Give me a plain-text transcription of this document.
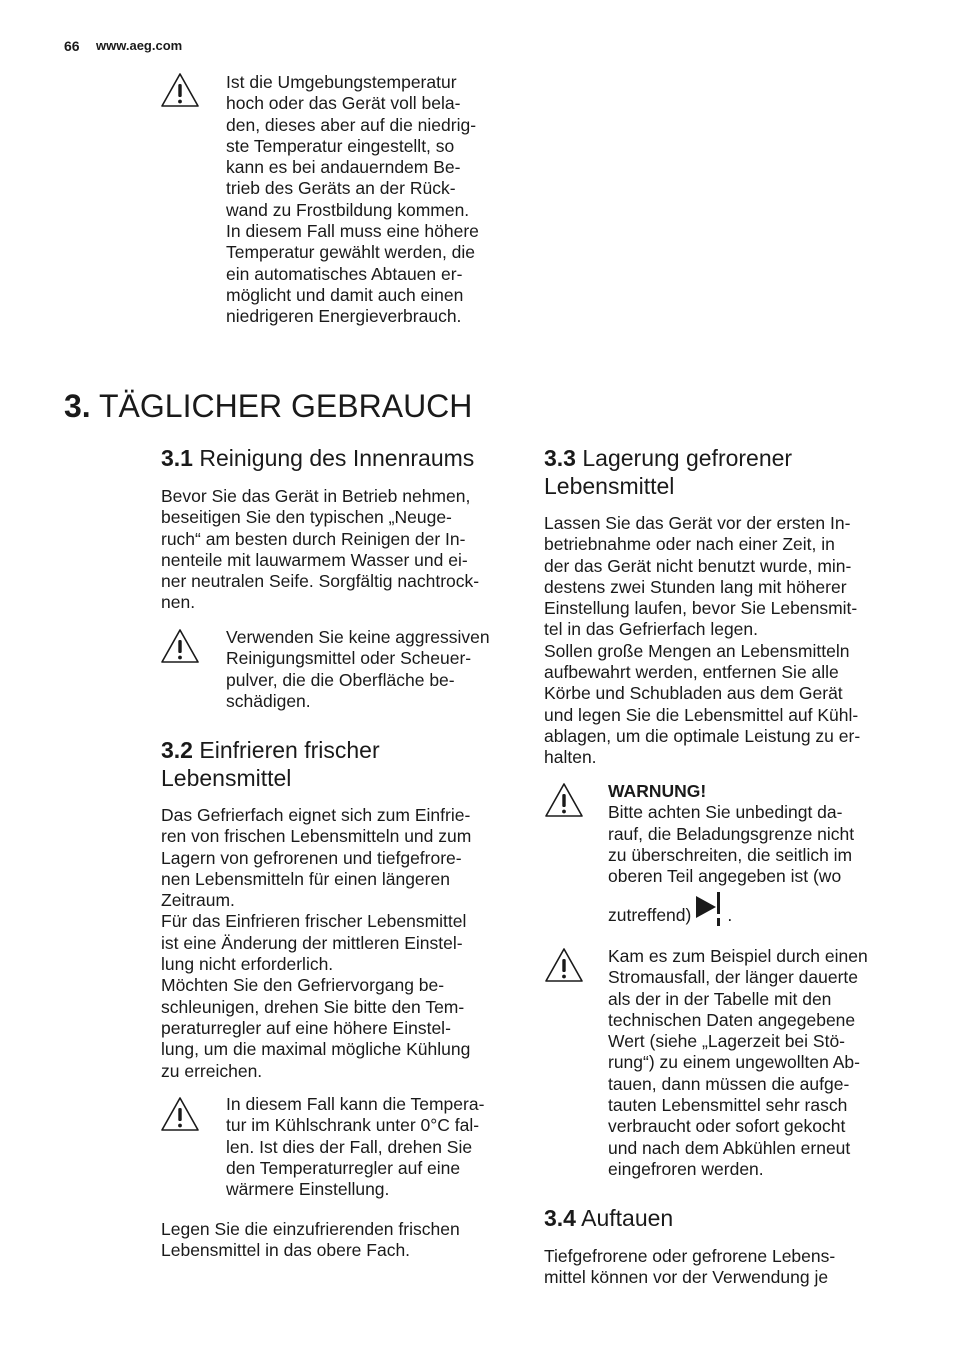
66 www.aeg.com
Ist die Umgebungstemperatur
hoch oder das Gerät voll bela-
den, dieses aber auf die niedrig-
ste Temperatur eingestellt, so
kann es bei andauerndem Be-
trieb des Geräts an der Rück-
wand zu Frostbildung kommen.
In diesem Fall muss eine höhere
Temperatur gewählt werden, die
ein automatisches Abtauen er-
möglicht und damit auch einen
niedrigeren Energieverbrauch.
3. TÄGLICHER GEBRAUCH
3.1 Reinigung des Innenraums
Bevor Sie das Gerät in Betrieb nehmen,
beseitigen Sie den typischen „Neuge-
ruch“ am besten durch Reinigen der In-
nenteile mit lauwarmem Wasser und ei-
ner neutralen Seife. Sorgfältig nachtrock-
nen.
Verwenden Sie keine aggressiven
Reinigungsmittel oder Scheuer-
pulver, die die Oberfläche be-
schädigen.
3.2 Einfrieren frischer
Lebensmittel
Das Gefrierfach eignet sich zum Einfrie-
ren von frischen Lebensmitteln und zum
Lagern von gefrorenen und tiefgefrore-
nen Lebensmitteln für einen längeren
Zeitraum.
Für das Einfrieren frischer Lebensmittel
ist eine Änderung der mittleren Einstel-
lung nicht erforderlich.
Möchten Sie den Gefriervorgang be-
schleunigen, drehen Sie bitte den Tem-
peraturregler auf eine höhere Einstel-
lung, um die maximal mögliche Kühlung
zu erreichen.
In diesem Fall kann die Tempera-
tur im Kühlschrank unter 0°C fal-
len. Ist dies der Fall, drehen Sie
den Temperaturregler auf eine
wärmere Einstellung.
Legen Sie die einzufrierenden frischen
Lebensmittel in das obere Fach.
3.3 Lagerung gefrorener
Lebensmittel
Lassen Sie das Gerät vor der ersten In-
betriebnahme oder nach einer Zeit, in
der das Gerät nicht benutzt wurde, min-
destens zwei Stunden lang mit höherer
Einstellung laufen, bevor Sie Lebensmit-
tel in das Gefrierfach legen.
Sollen große Mengen an Lebensmitteln
aufbewahrt werden, entfernen Sie alle
Körbe und Schubladen aus dem Gerät
und legen Sie die Lebensmittel auf Kühl-
ablagen, um die optimale Leistung zu er-
halten.
WARNUNG!
Bitte achten Sie unbedingt da-
rauf, die Beladungsgrenze nicht
zu überschreiten, die seitlich im
oberen Teil angegeben ist (wo
zutreffend) .
Kam es zum Beispiel durch einen
Stromausfall, der länger dauerte
als der in der Tabelle mit den
technischen Daten angegebene
Wert (siehe „Lagerzeit bei Stö-
rung“) zu einem ungewollten Ab-
tauen, dann müssen die aufge-
tauten Lebensmittel sehr rasch
verbraucht oder sofort gekocht
und nach dem Abkühlen erneut
eingefroren werden.
3.4 Auftauen
Tiefgefrorene oder gefrorene Lebens-
mittel können vor der Verwendung je
